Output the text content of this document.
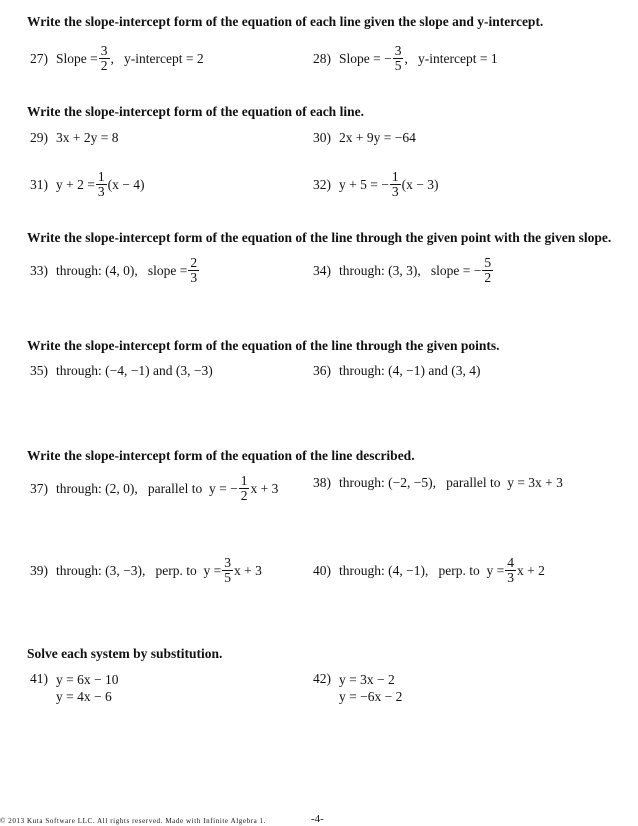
Write the slope-intercept form of the equation of each line given the slope and y-intercept.
Write the slope-intercept form of the equation of each line.
Write the slope-intercept form of the equation of the line through the given point with the given slope.
Write the slope-intercept form of the equation of the line through the given points.
Write the slope-intercept form of the equation of the line described.
Solve each system by substitution.
27) Slope = $\frac{3}{2}$ ,   y-intercept = 2	28) Slope = − $\frac{3}{5}$ ,   y-intercept = 1
29) 3x + 2y = 8	30) 2x + 9y = −64
31) $y + 2 = \frac{1}{3} (x - 4)$	32) y + 5 = − $\frac{1}{3} (x - 3)$
33) through: (4, 0),   slope = $\frac{2}{3}$	34) through: (3, 3),   slope = − $\frac{5}{2}$
35) through: (−4, −1) and (3, −3)	36) through: (4, −1) and (3, 4)
37) through: (2, 0),   parallel to  y = − $\frac{1}{2}$ x + 3	38) through: (−2, −5),   parallel to  y = 3x + 3
39) through: (3, −3),   perp. to  $y = \frac{3}{5}$ x + 3	40) through: (4, −1),   perp. to  $y = \frac{4}{3}$ x + 2
41) y = 6x − 10
y = 4x − 6
42) y = 3x − 2
y = −6x − 2
© 2013 Kuta Software LLC. All rights reserved. Made with Infinite Algebra 1.	-4-
